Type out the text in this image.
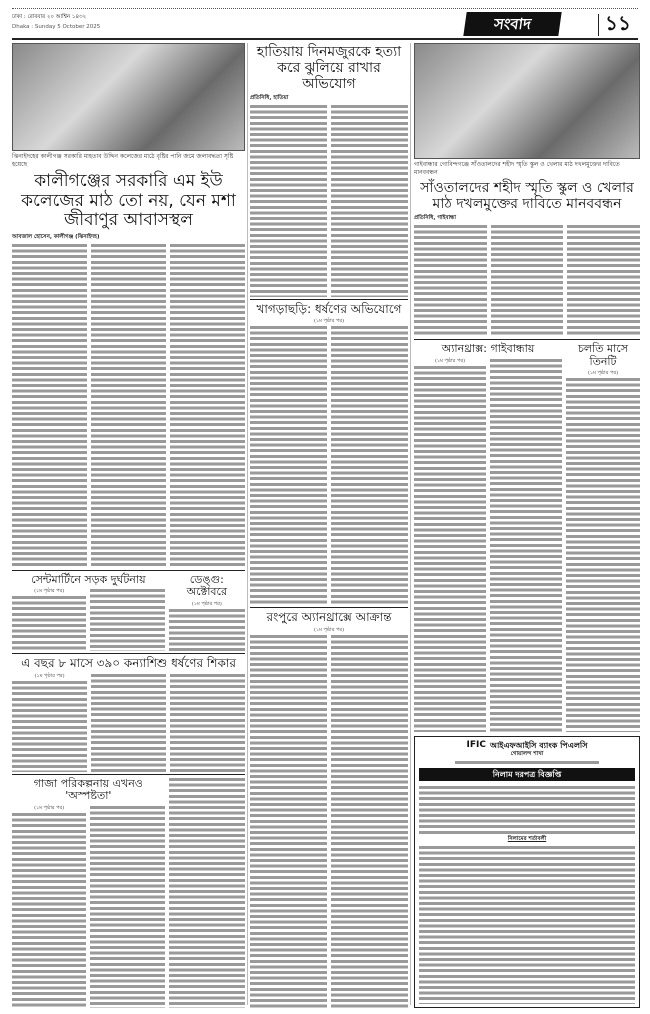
ঢাকা : রোববার ২০ আশ্বিন ১৪৩২
Dhaka : Sunday 5 October 2025	সংবাদ	১১
ঝিনাইদহের কালীগঞ্জ সরকারি মাহতাব উদ্দিন কলেজের মাঠে বৃষ্টির পানি জমে জলাবদ্ধতা সৃষ্টি হয়েছে
কালীগঞ্জের সরকারি এম ইউ কলেজের মাঠ তো নয়, যেন মশা জীবাণুর আবাসস্থল
আবজাল হোসেন, কালীগঞ্জ (ঝিনাইদহ)
সেন্টমার্টিনে সড়ক দুর্ঘটনায়
(১ম পৃষ্ঠার পর)
ডেঙ্গু: অক্টোবরে
(১ম পৃষ্ঠার পর)
এ বছর ৮ মাসে ৩৯০ কন্যাশিশু ধর্ষণের শিকার
(১ম পৃষ্ঠার পর)
গাজা পরিকল্পনায় এখনও 'অস্পষ্টতা'
(১ম পৃষ্ঠার পর)
হাতিয়ায় দিনমজুরকে হত্যা করে ঝুলিয়ে রাখার অভিযোগ
প্রতিনিধি, হাতিয়া
খাগড়াছড়ি: ধর্ষণের অভিযোগে
(১ম পৃষ্ঠার পর)
রংপুরে অ্যানথ্রাক্সে আক্রান্ত
(১ম পৃষ্ঠার পর)
গাইবান্ধার গোবিন্দগঞ্জে সাঁওতালদের শহীদ স্মৃতি স্কুল ও খেলার মাঠ দখলমুক্তের দাবিতে মানববন্ধন
সাঁওতালদের শহীদ স্মৃতি স্কুল ও খেলার মাঠ দখলমুক্তের দাবিতে মানববন্ধন
প্রতিনিধি, গাইবান্ধা
অ্যানথ্রাক্স: গাইবান্ধায়
(১ম পৃষ্ঠার পর)
চলতি মাসে তিনটি
(১ম পৃষ্ঠার পর)
IFIC আইএফআইসি ব্যাংক পিএলসি
গোয়ালন্দ শাখা
নিলাম দরপত্র বিজ্ঞপ্তি
নিলামের শর্তাবলী
